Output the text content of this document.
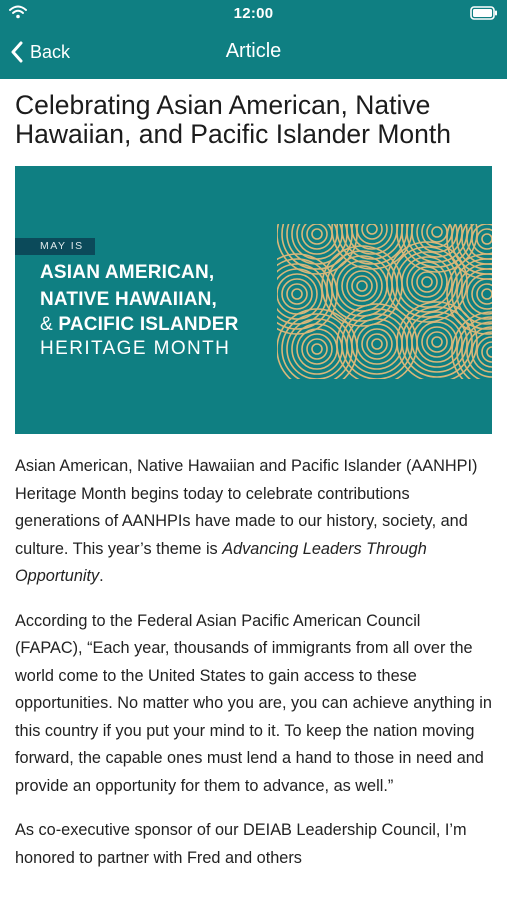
12:00
Back	Article
Celebrating Asian American, Native Hawaiian, and Pacific Islander Month
MAY IS
ASIAN AMERICAN,
NATIVE HAWAIIAN,
& PACIFIC ISLANDER
HERITAGE MONTH

Asian American, Native Hawaiian and Pacific Islander (AANHPI) Heritage Month begins today to celebrate contributions generations of AANHPIs have made to our history, society, and culture. This year’s theme is Advancing Leaders Through Opportunity.

According to the Federal Asian Pacific American Council (FAPAC), “Each year, thousands of immigrants from all over the world come to the United States to gain access to these opportunities. No matter who you are, you can achieve anything in this country if you put your mind to it. To keep the nation moving forward, the capable ones must lend a hand to those in need and provide an opportunity for them to advance, as well.”

As co-executive sponsor of our DEIAB Leadership Council, I’m honored to partner with Fred and others
